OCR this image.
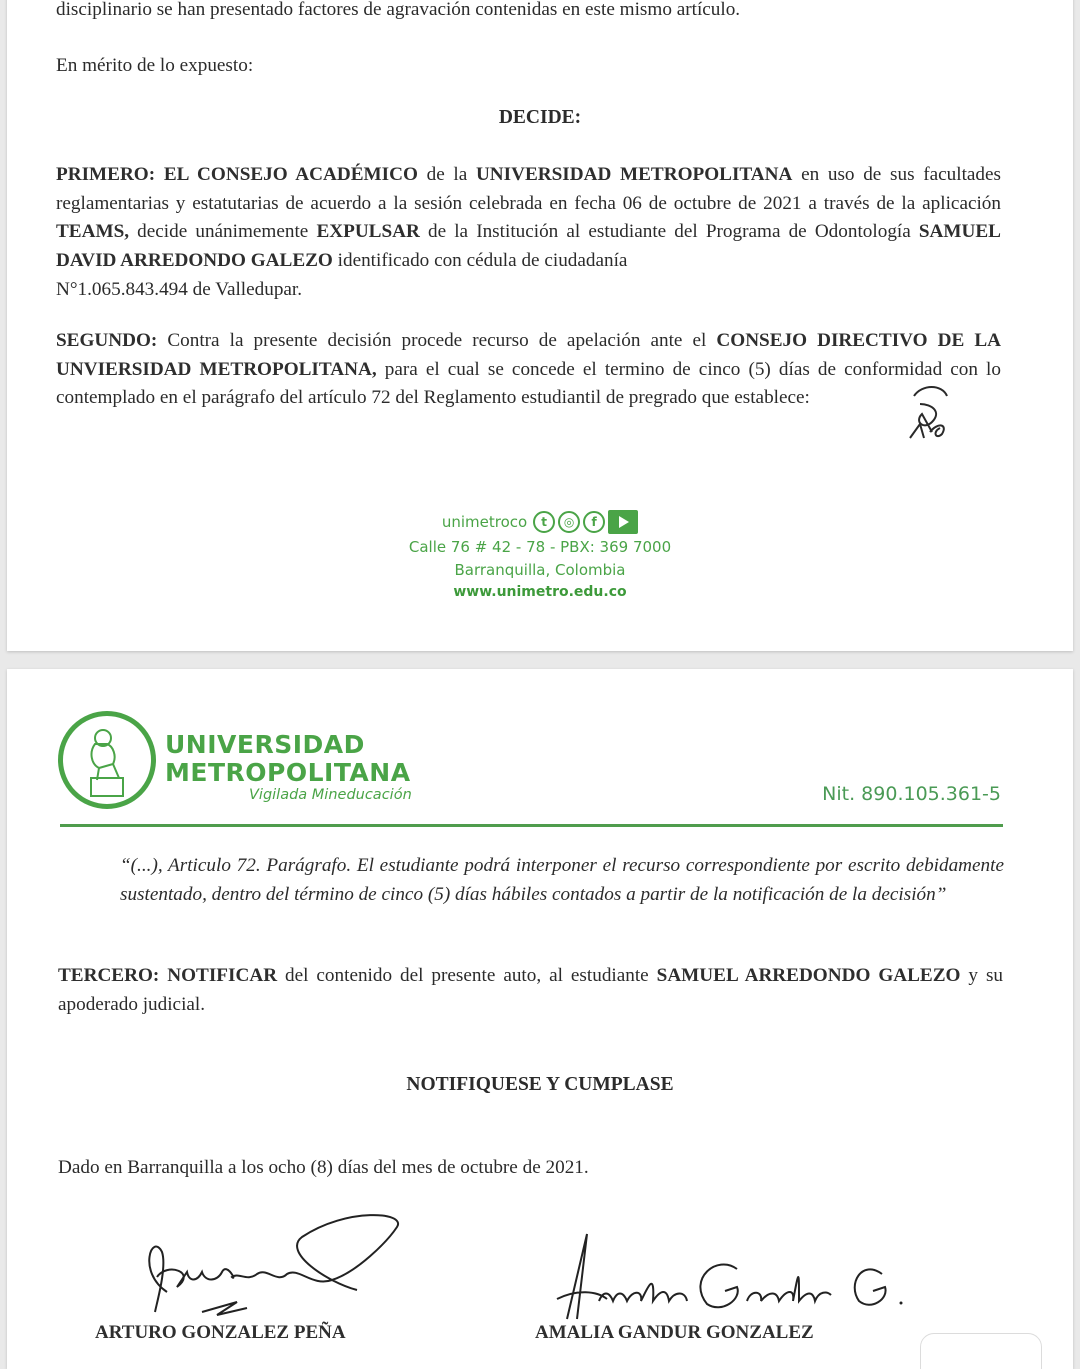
disciplinario se han presentado factores de agravación contenidas en este mismo artículo.

En mérito de lo expuesto:

DECIDE:

PRIMERO: EL CONSEJO ACADÉMICO de la UNIVERSIDAD METROPOLITANA en uso de sus facultades reglamentarias y estatutarias de acuerdo a la sesión celebrada en fecha 06 de octubre de 2021 a través de la aplicación TEAMS, decide unánimemente EXPULSAR de la Institución al estudiante del Programa de Odontología SAMUEL DAVID ARREDONDO GALEZO identificado con cédula de ciudadanía

N°1.065.843.494 de Valledupar.

SEGUNDO: Contra la presente decisión procede recurso de apelación ante el CONSEJO DIRECTIVO DE LA UNVIERSIDAD METROPOLITANA, para el cual se concede el termino de cinco (5) días de conformidad con lo contemplado en el parágrafo del artículo 72 del Reglamento estudiantil de pregrado que establece:

unimetroco	t	◎	f
Calle 76 # 42 - 78 - PBX: 369 7000
Barranquilla, Colombia
www.unimetro.edu.co
UNIVERSIDAD
METROPOLITANA
Vigilada Mineducación	Nit. 890.105.361-5

“(...), Articulo 72. Parágrafo. El estudiante podrá interponer el recurso correspondiente por escrito debidamente sustentado, dentro del término de cinco (5) días hábiles contados a partir de la notificación de la decisión”

TERCERO: NOTIFICAR del contenido del presente auto, al estudiante SAMUEL ARREDONDO GALEZO y su apoderado judicial.

NOTIFIQUESE Y CUMPLASE

Dado en Barranquilla a los ocho (8) días del mes de octubre de 2021.

ARTURO GONZALEZ PEÑA	AMALIA GANDUR GONZALEZ
